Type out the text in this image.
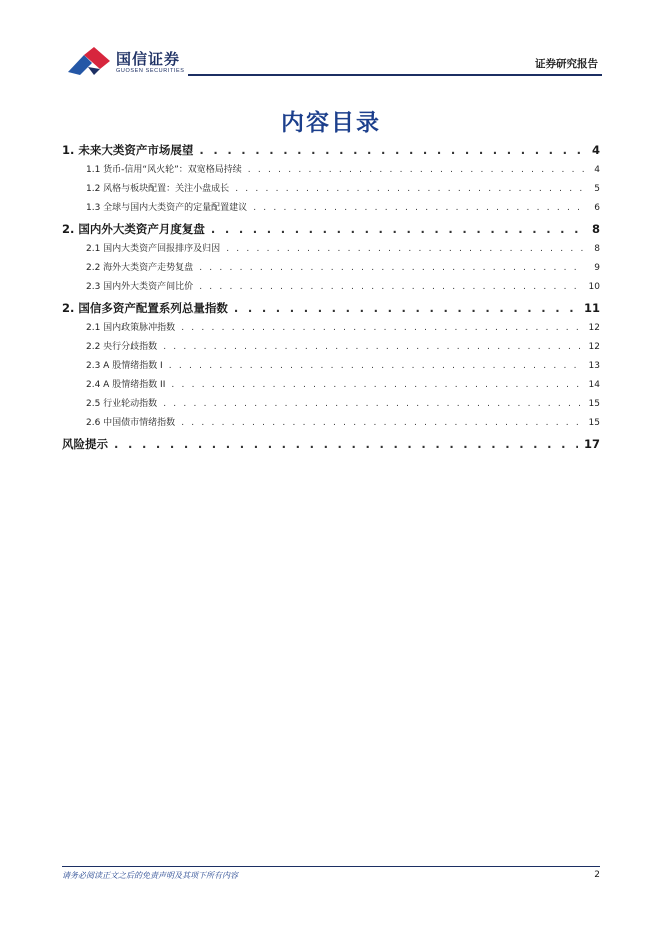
国信证券
GUOSEN SECURITIES
证券研究报告
内容目录
1. 未来大类资产市场展望 . . .	4
1.1 货币-信用“风火轮”：双宽格局持续 . . .	4
1.2 风格与板块配置：关注小盘成长 . . .	5
1.3 全球与国内大类资产的定量配置建议 . . .	6
2. 国内外大类资产月度复盘 . . .	8
2.1 国内大类资产回报排序及归因 . . .	8
2.2 海外大类资产走势复盘 . . .	9
2.3 国内外大类资产间比价 . . .	10
2. 国信多资产配置系列总量指数 . . .	11
2.1 国内政策脉冲指数 . . .	12
2.2 央行分歧指数 . . .	12
2.3 A 股情绪指数 I . . .	13
2.4 A 股情绪指数 II . . .	14
2.5 行业轮动指数 . . .	15
2.6 中国债市情绪指数 . . .	15
风险提示 . . .	17
请务必阅读正文之后的免责声明及其项下所有内容	2
